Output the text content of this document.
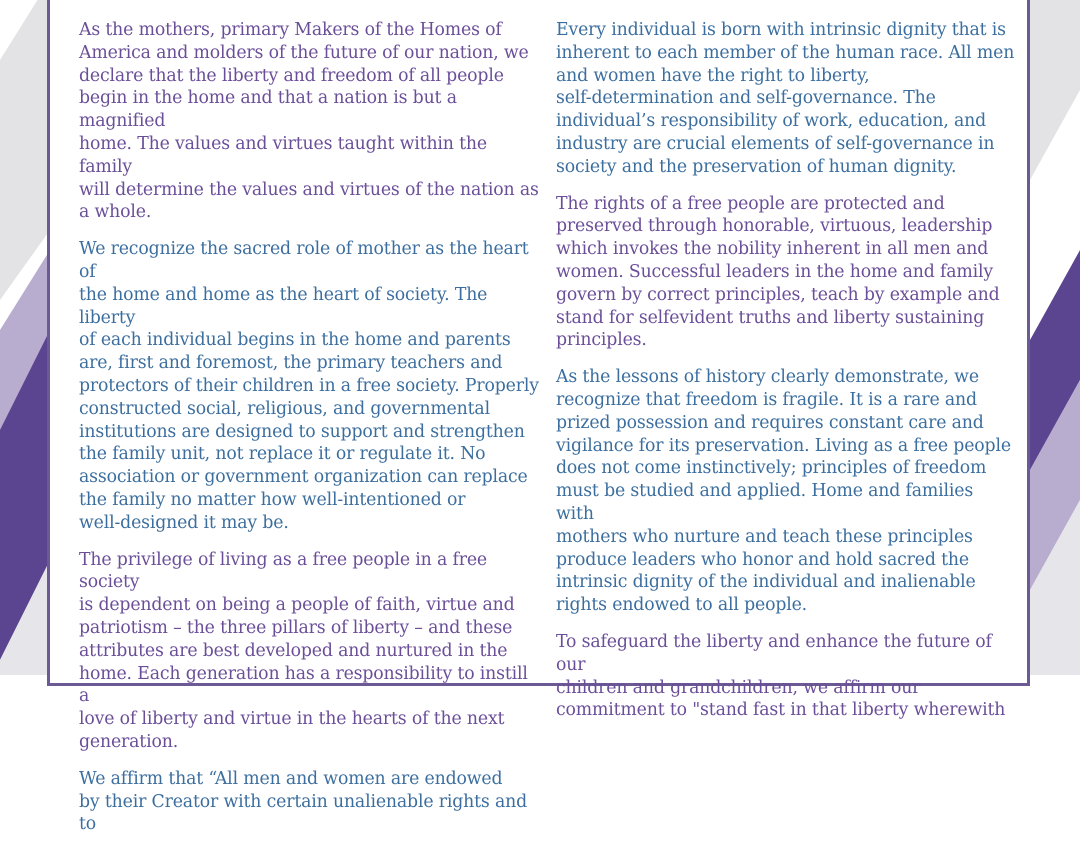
As the mothers, primary Makers of the Homes of
America and molders of the future of our nation, we
declare that the liberty and freedom of all people
begin in the home and that a nation is but a magnified
home. The values and virtues taught within the family
will determine the values and virtues of the nation as
a whole.

We recognize the sacred role of mother as the heart of
the home and home as the heart of society. The liberty
of each individual begins in the home and parents
are, first and foremost, the primary teachers and
protectors of their children in a free society. Properly
constructed social, religious, and governmental
institutions are designed to support and strengthen
the family unit, not replace it or regulate it. No
association or government organization can replace
the family no matter how well-intentioned or
well-designed it may be.

The privilege of living as a free people in a free society
is dependent on being a people of faith, virtue and
patriotism – the three pillars of liberty – and these
attributes are best developed and nurtured in the
home. Each generation has a responsibility to instill a
love of liberty and virtue in the hearts of the next
generation.

We affirm that “All men and women are endowed
by their Creator with certain unalienable rights and to

Every individual is born with intrinsic dignity that is
inherent to each member of the human race. All men
and women have the right to liberty,
self-determination and self-governance. The
individual’s responsibility of work, education, and
industry are crucial elements of self-governance in
society and the preservation of human dignity.

The rights of a free people are protected and
preserved through honorable, virtuous, leadership
which invokes the nobility inherent in all men and
women. Successful leaders in the home and family
govern by correct principles, teach by example and
stand for selfevident truths and liberty sustaining
principles.

As the lessons of history clearly demonstrate, we
recognize that freedom is fragile. It is a rare and
prized possession and requires constant care and
vigilance for its preservation. Living as a free people
does not come instinctively; principles of freedom
must be studied and applied. Home and families with
mothers who nurture and teach these principles
produce leaders who honor and hold sacred the
intrinsic dignity of the individual and inalienable
rights endowed to all people.

To safeguard the liberty and enhance the future of our
children and grandchildren, we affirm our
commitment to "stand fast in that liberty wherewith
